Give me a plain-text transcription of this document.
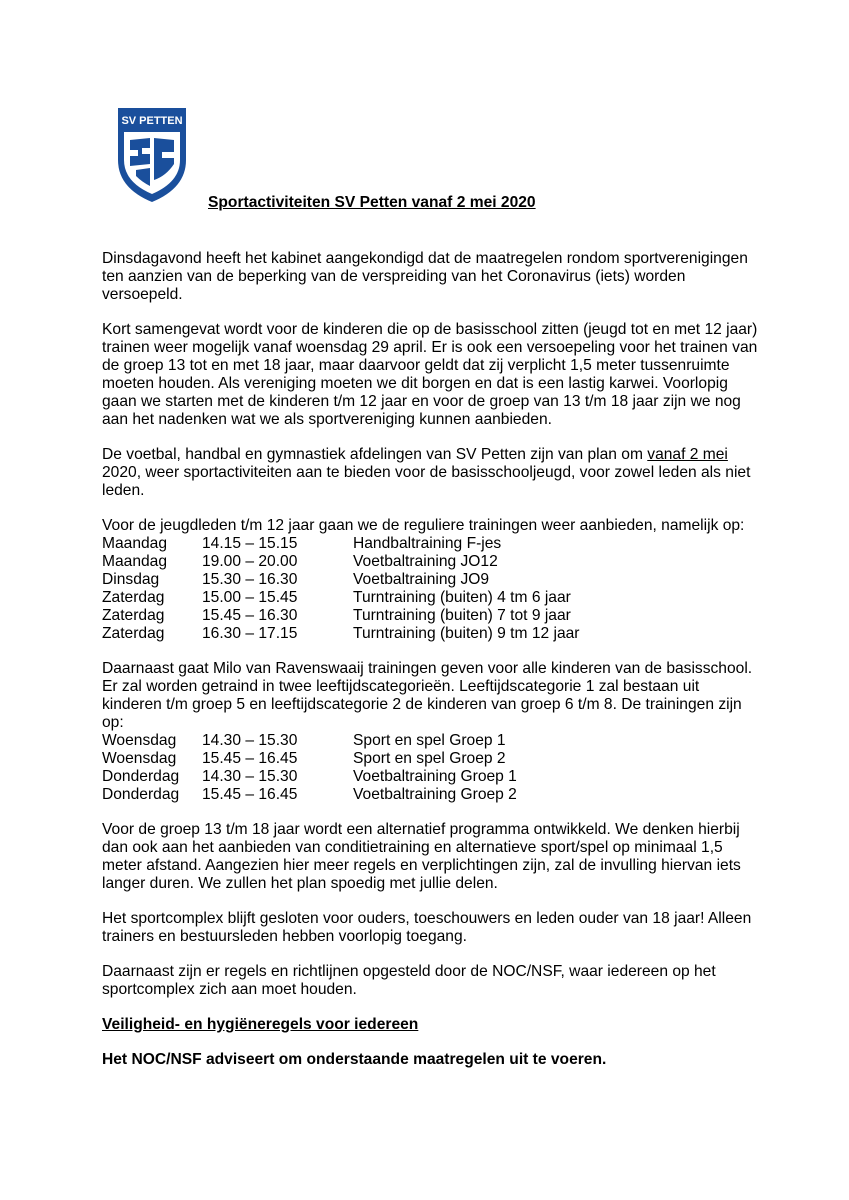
SV PETTEN
Sportactiviteiten SV Petten vanaf 2 mei 2020

Dinsdagavond heeft het kabinet aangekondigd dat de maatregelen rondom sportverenigingen ten aanzien van de beperking van de verspreiding van het Coronavirus (iets) worden versoepeld.

Kort samengevat wordt voor de kinderen die op de basisschool zitten (jeugd tot en met 12 jaar) trainen weer mogelijk vanaf woensdag 29 april. Er is ook een versoepeling voor het trainen van de groep 13 tot en met 18 jaar, maar daarvoor geldt dat zij verplicht 1,5 meter tussenruimte moeten houden. Als vereniging moeten we dit borgen en dat is een lastig karwei. Voorlopig gaan we starten met de kinderen t/m 12 jaar en voor de groep van 13 t/m 18 jaar zijn we nog aan het nadenken wat we als sportvereniging kunnen aanbieden.

De voetbal, handbal en gymnastiek afdelingen van SV Petten zijn van plan om vanaf 2 mei 2020, weer sportactiviteiten aan te bieden voor de basisschooljeugd, voor zowel leden als niet leden.

Voor de jeugdleden t/m 12 jaar gaan we de reguliere trainingen weer aanbieden, namelijk op:

Maandag	14.15 – 15.15	Handbaltraining F-jes
Maandag	19.00 – 20.00	Voetbaltraining JO12
Dinsdag	15.30 – 16.30	Voetbaltraining JO9
Zaterdag	15.00 – 15.45	Turntraining (buiten) 4 tm 6 jaar
Zaterdag	15.45 – 16.30	Turntraining (buiten) 7 tot 9 jaar
Zaterdag	16.30 – 17.15	Turntraining (buiten) 9 tm 12 jaar

Daarnaast gaat Milo van Ravenswaaij trainingen geven voor alle kinderen van de basisschool. Er zal worden getraind in twee leeftijdscategorieën. Leeftijdscategorie 1 zal bestaan uit kinderen t/m groep 5 en leeftijdscategorie 2 de kinderen van groep 6 t/m 8. De trainingen zijn op:

Woensdag	14.30 – 15.30	Sport en spel Groep 1
Woensdag	15.45 – 16.45	Sport en spel Groep 2
Donderdag	14.30 – 15.30	Voetbaltraining Groep 1
Donderdag	15.45 – 16.45	Voetbaltraining Groep 2

Voor de groep 13 t/m 18 jaar wordt een alternatief programma ontwikkeld. We denken hierbij dan ook aan het aanbieden van conditietraining en alternatieve sport/spel op minimaal 1,5 meter afstand. Aangezien hier meer regels en verplichtingen zijn, zal de invulling hiervan iets langer duren. We zullen het plan spoedig met jullie delen.

Het sportcomplex blijft gesloten voor ouders, toeschouwers en leden ouder van 18 jaar! Alleen trainers en bestuursleden hebben voorlopig toegang.

Daarnaast zijn er regels en richtlijnen opgesteld door de NOC/NSF, waar iedereen op het sportcomplex zich aan moet houden.

Veiligheid- en hygiëneregels voor iedereen

Het NOC/NSF adviseert om onderstaande maatregelen uit te voeren.
